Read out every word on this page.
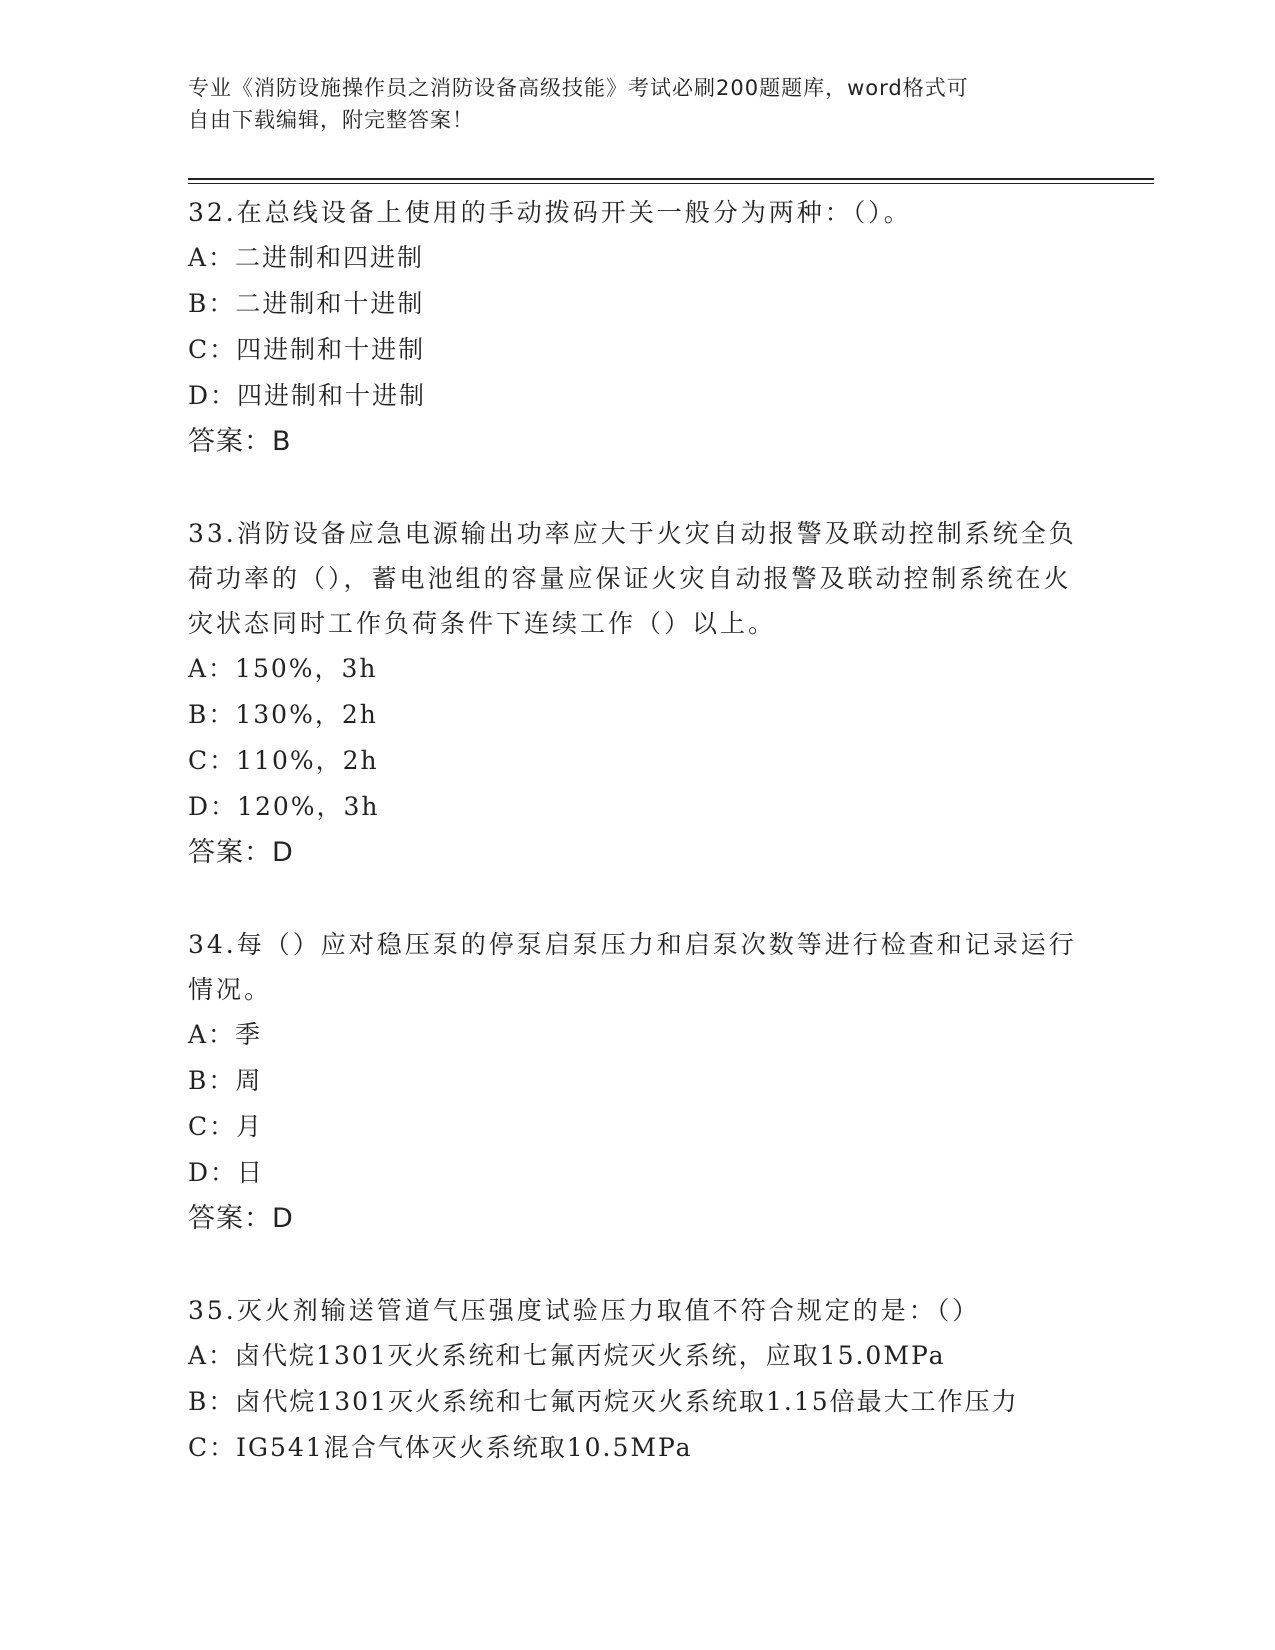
专业《消防设施操作员之消防设备高级技能》考试必刷200题题库，word格式可
自由下载编辑，附完整答案！
32.在总线设备上使用的手动拨码开关一般分为两种：（）。
A：二进制和四进制
B：二进制和十进制
C：四进制和十进制
D：四进制和十进制
答案：B
33.消防设备应急电源输出功率应大于火灾自动报警及联动控制系统全负荷功率的（），蓄电池组的容量应保证火灾自动报警及联动控制系统在火灾状态同时工作负荷条件下连续工作（）以上。
A：150%，3h
B：130%，2h
C：110%，2h
D：120%，3h
答案：D
34.每（）应对稳压泵的停泵启泵压力和启泵次数等进行检查和记录运行情况。
A：季
B：周
C：月
D：日
答案：D
35.灭火剂输送管道气压强度试验压力取值不符合规定的是：（）
A：卤代烷1301灭火系统和七氟丙烷灭火系统，应取15.0MPa
B：卤代烷1301灭火系统和七氟丙烷灭火系统取1.15倍最大工作压力
C：IG541混合气体灭火系统取10.5MPa
